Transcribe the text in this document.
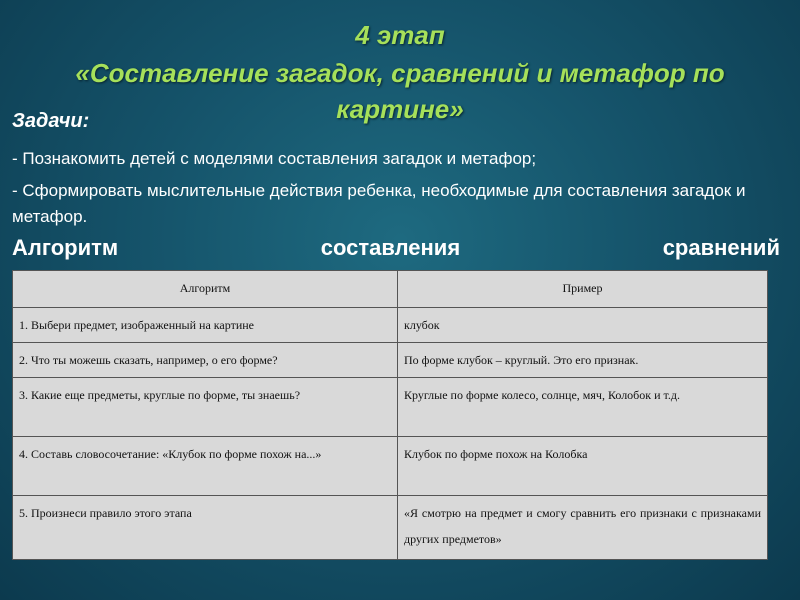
4 этап
«Составление загадок, сравнений и метафор по картине»
Задачи:
- Познакомить детей с моделями составления загадок и метафор;
- Сформировать мыслительные действия ребенка, необходимые для составления загадок и метафор.
Алгоритм	составления	сравнений
Алгоритм	Пример
1. Выбери предмет, изображенный на картине	клубок
2. Что ты можешь сказать, например, о его форме?	По форме клубок – круглый. Это его признак.
3. Какие еще предметы, круглые по форме, ты знаешь?	Круглые по форме колесо, солнце, мяч, Колобок и т.д.
4. Составь словосочетание: «Клубок по форме похож на...»	Клубок по форме похож на Колобка
5. Произнеси правило этого этапа	«Я смотрю на предмет и смогу сравнить его признаки с признаками других предметов»
